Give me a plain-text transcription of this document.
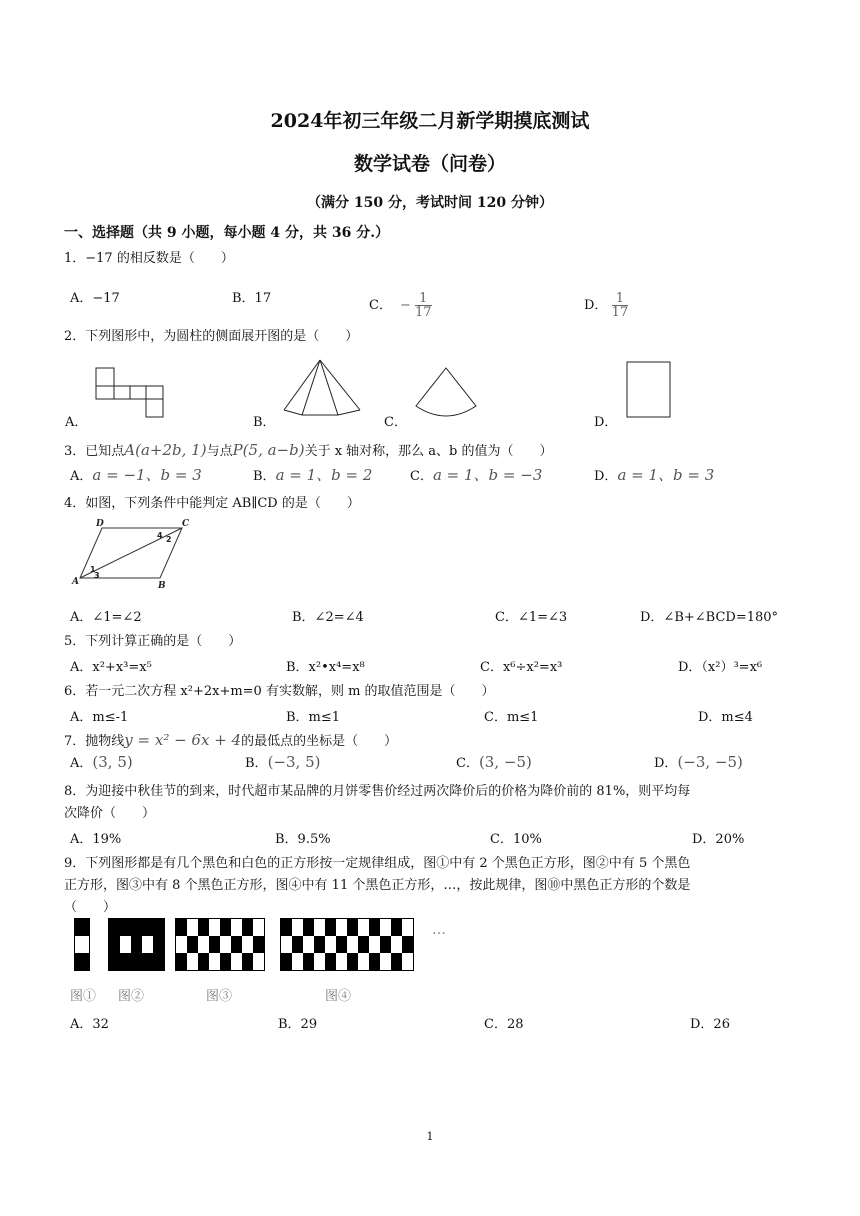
2024年初三年级二月新学期摸底测试
数学试卷（问卷）
（满分 150 分，考试时间 120 分钟）
一、选择题（共 9 小题，每小题 4 分，共 36 分.）
1．−17 的相反数是（　　）
A．−17	B．17	C． − $\frac{1}{17}$	D． $\frac{1}{17}$
2．下列图形中，为圆柱的侧面展开图的是（　　）
A．	B．	C．	D．
3．已知点A(a+2b, 1)与点P(5, a−b)关于 x 轴对称，那么 a、b 的值为（　　）
A．a = −1、b = 3	B．a = 1、b = 2	C．a = 1、b = −3	D．a = 1、b = 3
4．如图，下列条件中能判定 AB∥CD 的是（　　）
D	C
A	B
1
2
3
4
A．∠1=∠2	B．∠2=∠4	C．∠1=∠3	D．∠B+∠BCD=180°
5．下列计算正确的是（　　）
A．x²+x³=x⁵	B．x²•x⁴=x⁸	C．x⁶÷x²=x³	D．（x²）³=x⁶
6．若一元二次方程 x²+2x+m=0 有实数解，则 m 的取值范围是（　　）
A．m≤-1	B．m≤1	C．m≤1	D．m≤4
7．抛物线y = x² − 6x + 4的最低点的坐标是（　　）
A．(3, 5)	B．(−3, 5)	C．(3, −5)	D．(−3, −5)
8．为迎接中秋佳节的到来，时代超市某品牌的月饼零售价经过两次降价后的价格为降价前的 81%，则平均每
次降价（　　）
A．19%	B．9.5%	C．10%	D．20%
9．下列图形都是有几个黑色和白色的正方形按一定规律组成，图①中有 2 个黑色正方形，图②中有 5 个黑色
正方形，图③中有 8 个黑色正方形，图④中有 11 个黑色正方形，…，按此规律，图⑩中黑色正方形的个数是
（　　）
…
图① 图②	图③	图④
A．32	B．29	C．28	D．26
1
